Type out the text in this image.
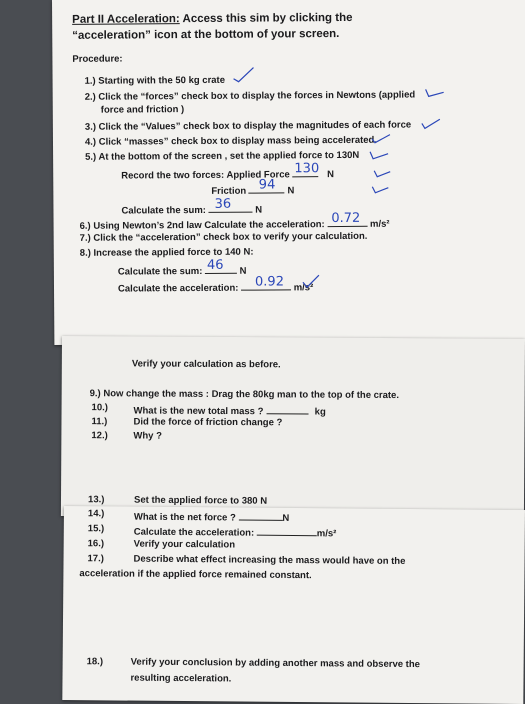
Part II Acceleration: Access this sim by clicking the
“acceleration” icon at the bottom of your screen.
Procedure:
1.) Starting with the 50 kg crate
2.) Click the “forces” check box to display the forces in Newtons (applied
force and friction )
3.) Click the “Values” check box to display the magnitudes of each force
4.) Click “masses” check box to display mass being accelerated.
5.) At the bottom of the screen , set the applied force to 130N
Record the two forces: Applied Force 130 N
Friction 94 N
Calculate the sum: 36	N
6.) Using Newton’s 2nd law Calculate the acceleration: 0.72 m/s²
7.) Click the “acceleration” check box to verify your calculation.
8.) Increase the applied force to 140 N:
Calculate the sum: 46 N
Calculate the acceleration: 0.92 m/s²
Verify your calculation as before.
9.) Now change the mass : Drag the 80kg man to the top of the crate.
10.)	What is the new total mass ?	kg
11.)	Did the force of friction change ?
12.)	Why ?
13.)	Set the applied force to 380 N
14.)	What is the net force ?	N
15.)	Calculate the acceleration:	m/s²
16.)	Verify your calculation
17.)	Describe what effect increasing the mass would have on the
acceleration if the applied force remained constant.
18.)	Verify your conclusion by adding another mass and observe the
resulting acceleration.
